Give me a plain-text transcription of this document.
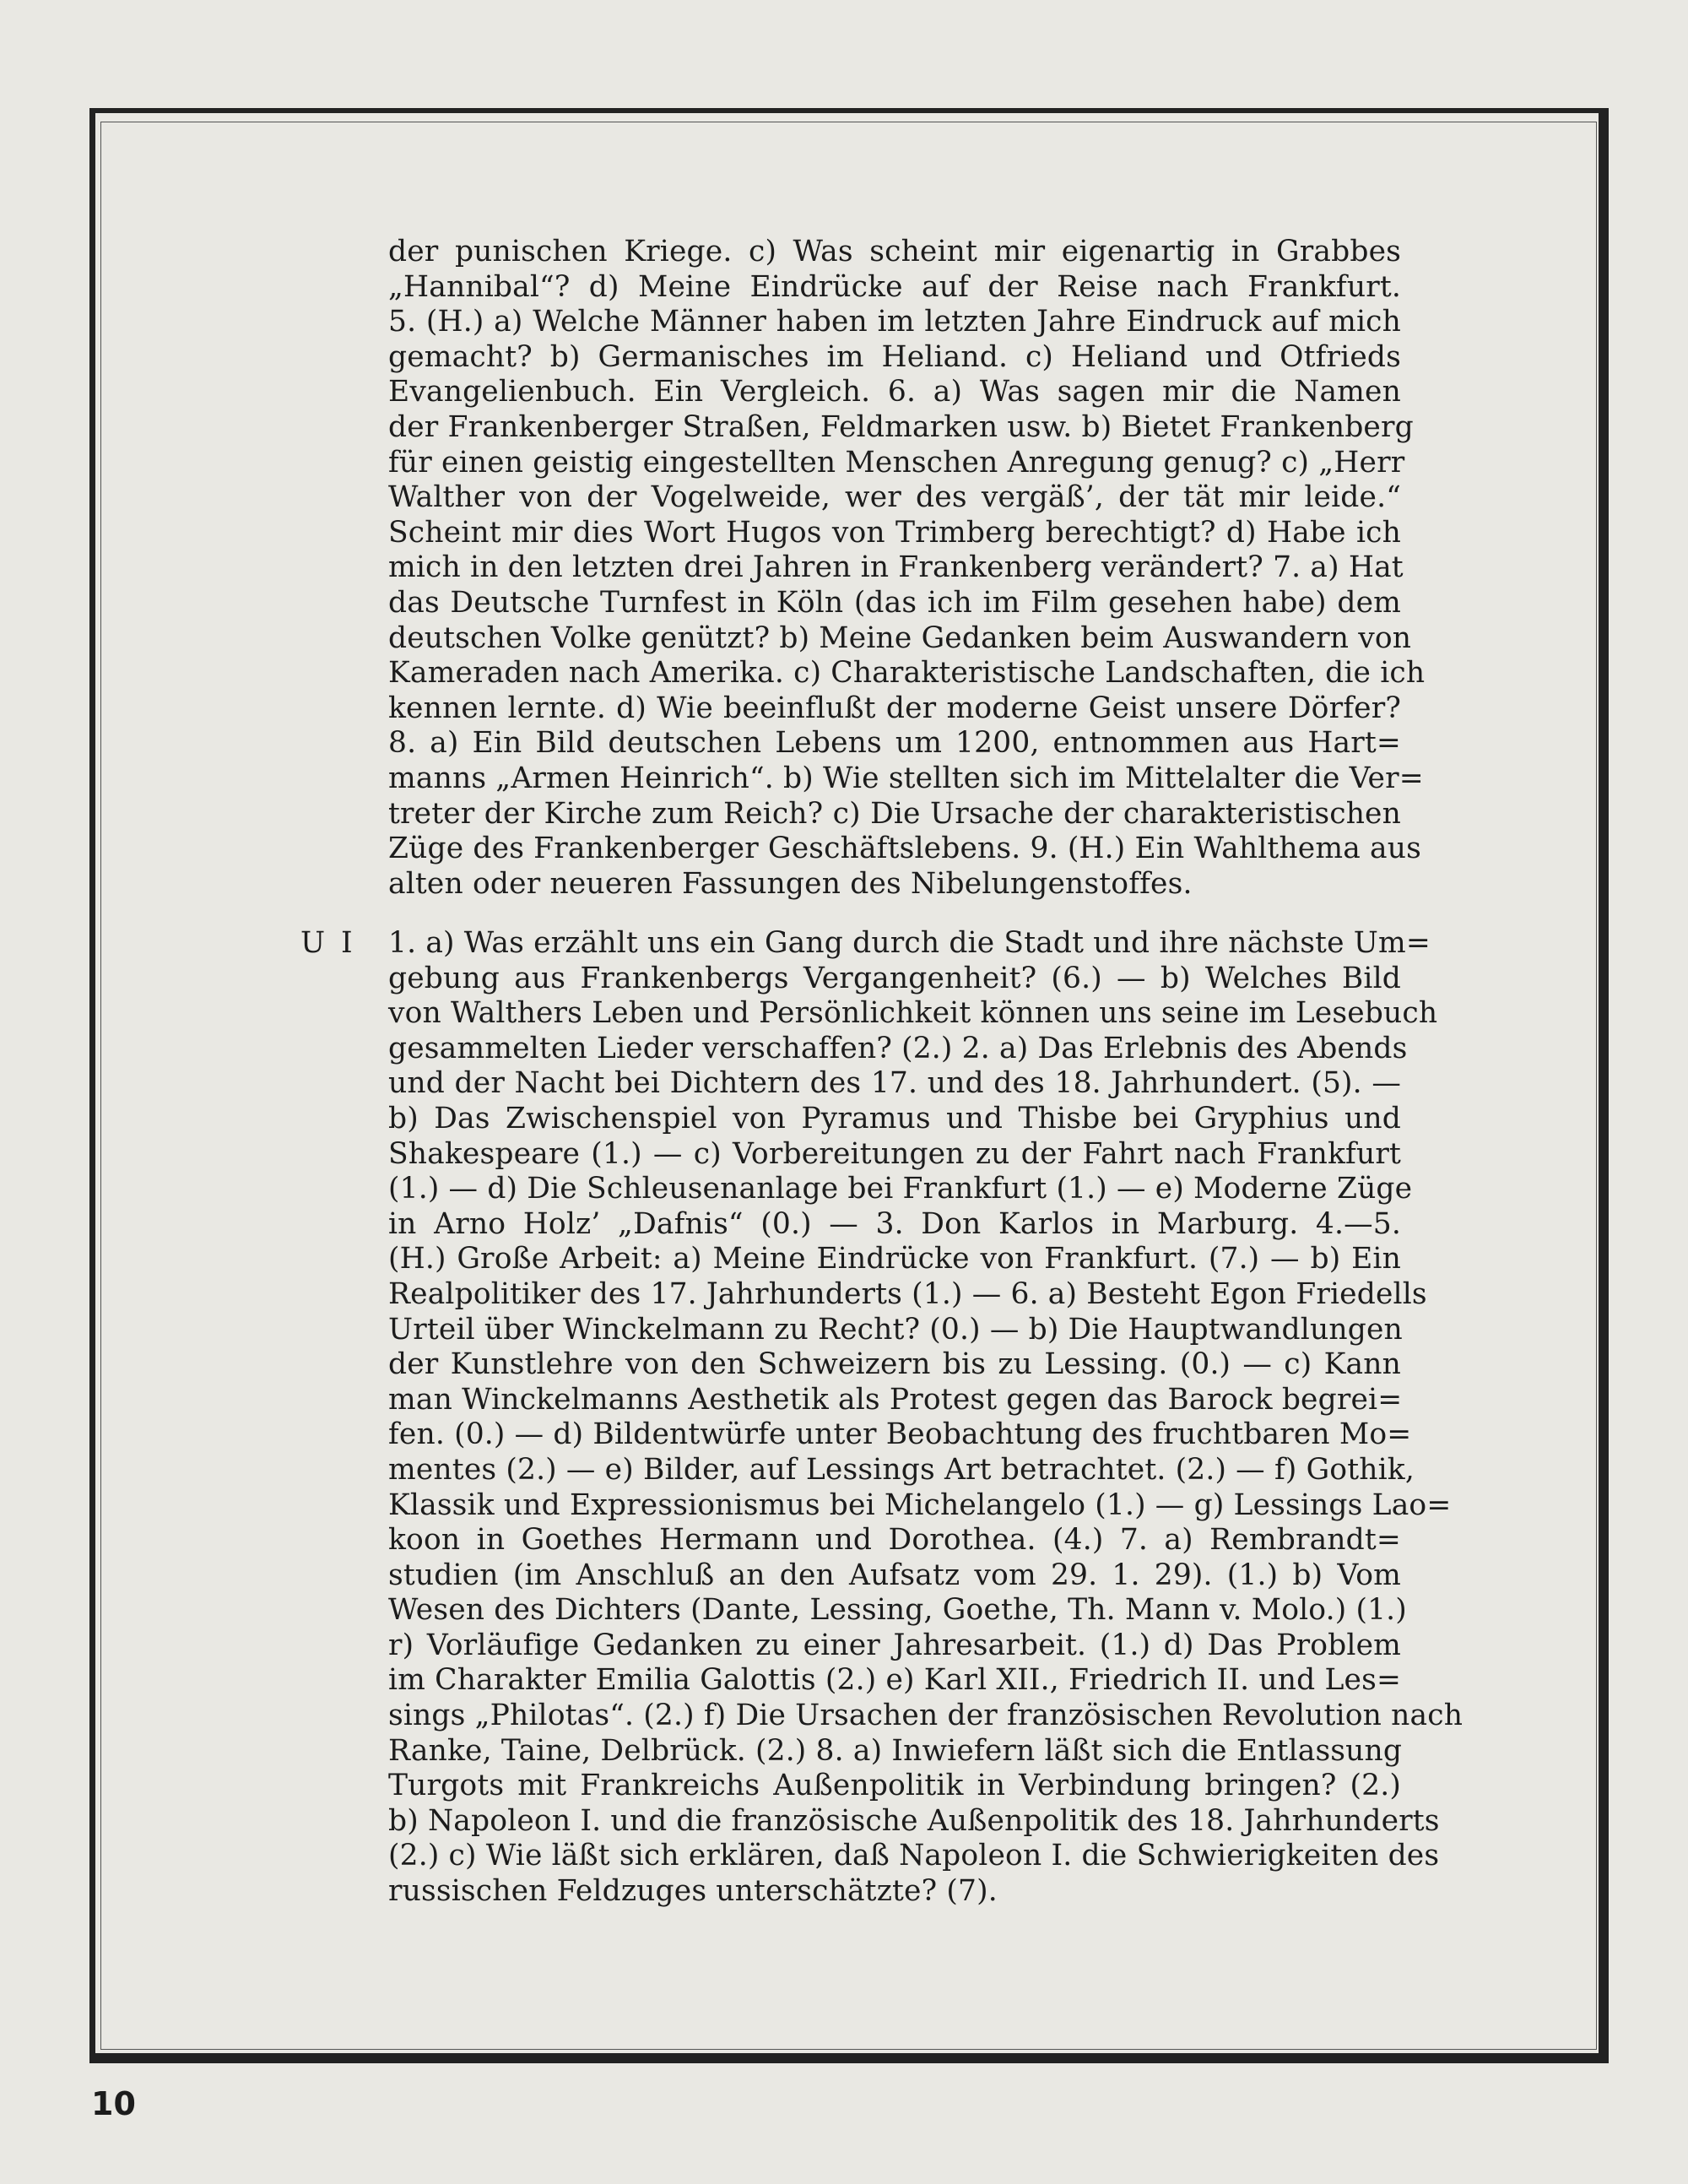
der punischen Kriege. c) Was scheint mir eigenartig in Grabbes
„Hannibal“? d) Meine Eindrücke auf der Reise nach Frankfurt.
5. (H.) a) Welche Männer haben im letzten Jahre Eindruck auf mich
gemacht? b) Germanisches im Heliand. c) Heliand und Otfrieds
Evangelienbuch. Ein Vergleich. 6. a) Was sagen mir die Namen
der Frankenberger Straßen, Feldmarken usw. b) Bietet Frankenberg
für einen geistig eingestellten Menschen Anregung genug? c) „Herr
Walther von der Vogelweide, wer des vergäß’, der tät mir leide.“
Scheint mir dies Wort Hugos von Trimberg berechtigt? d) Habe ich
mich in den letzten drei Jahren in Frankenberg verändert? 7. a) Hat
das Deutsche Turnfest in Köln (das ich im Film gesehen habe) dem
deutschen Volke genützt? b) Meine Gedanken beim Auswandern von
Kameraden nach Amerika. c) Charakteristische Landschaften, die ich
kennen lernte. d) Wie beeinflußt der moderne Geist unsere Dörfer?
8. a) Ein Bild deutschen Lebens um 1200, entnommen aus Hart=
manns „Armen Heinrich“. b) Wie stellten sich im Mittelalter die Ver=
treter der Kirche zum Reich? c) Die Ursache der charakteristischen
Züge des Frankenberger Geschäftslebens. 9. (H.) Ein Wahlthema aus
alten oder neueren Fassungen des Nibelungenstoffes.
U I 1. a) Was erzählt uns ein Gang durch die Stadt und ihre nächste Um=
gebung aus Frankenbergs Vergangenheit? (6.) — b) Welches Bild
von Walthers Leben und Persönlichkeit können uns seine im Lesebuch
gesammelten Lieder verschaffen? (2.) 2. a) Das Erlebnis des Abends
und der Nacht bei Dichtern des 17. und des 18. Jahrhundert. (5). —
b) Das Zwischenspiel von Pyramus und Thisbe bei Gryphius und
Shakespeare (1.) — c) Vorbereitungen zu der Fahrt nach Frankfurt
(1.) — d) Die Schleusenanlage bei Frankfurt (1.) — e) Moderne Züge
in Arno Holz’ „Dafnis“ (0.) — 3. Don Karlos in Marburg. 4.—5.
(H.) Große Arbeit: a) Meine Eindrücke von Frankfurt. (7.) — b) Ein
Realpolitiker des 17. Jahrhunderts (1.) — 6. a) Besteht Egon Friedells
Urteil über Winckelmann zu Recht? (0.) — b) Die Hauptwandlungen
der Kunstlehre von den Schweizern bis zu Lessing. (0.) — c) Kann
man Winckelmanns Aesthetik als Protest gegen das Barock begrei=
fen. (0.) — d) Bildentwürfe unter Beobachtung des fruchtbaren Mo=
mentes (2.) — e) Bilder, auf Lessings Art betrachtet. (2.) — f) Gothik,
Klassik und Expressionismus bei Michelangelo (1.) — g) Lessings Lao=
koon in Goethes Hermann und Dorothea. (4.) 7. a) Rembrandt=
studien (im Anschluß an den Aufsatz vom 29. 1. 29). (1.) b) Vom
Wesen des Dichters (Dante, Lessing, Goethe, Th. Mann v. Molo.) (1.)
r) Vorläufige Gedanken zu einer Jahresarbeit. (1.) d) Das Problem
im Charakter Emilia Galottis (2.) e) Karl XII., Friedrich II. und Les=
sings „Philotas“. (2.) f) Die Ursachen der französischen Revolution nach
Ranke, Taine, Delbrück. (2.) 8. a) Inwiefern läßt sich die Entlassung
Turgots mit Frankreichs Außenpolitik in Verbindung bringen? (2.)
b) Napoleon I. und die französische Außenpolitik des 18. Jahrhunderts
(2.) c) Wie läßt sich erklären, daß Napoleon I. die Schwierigkeiten des
russischen Feldzuges unterschätzte? (7).
10
